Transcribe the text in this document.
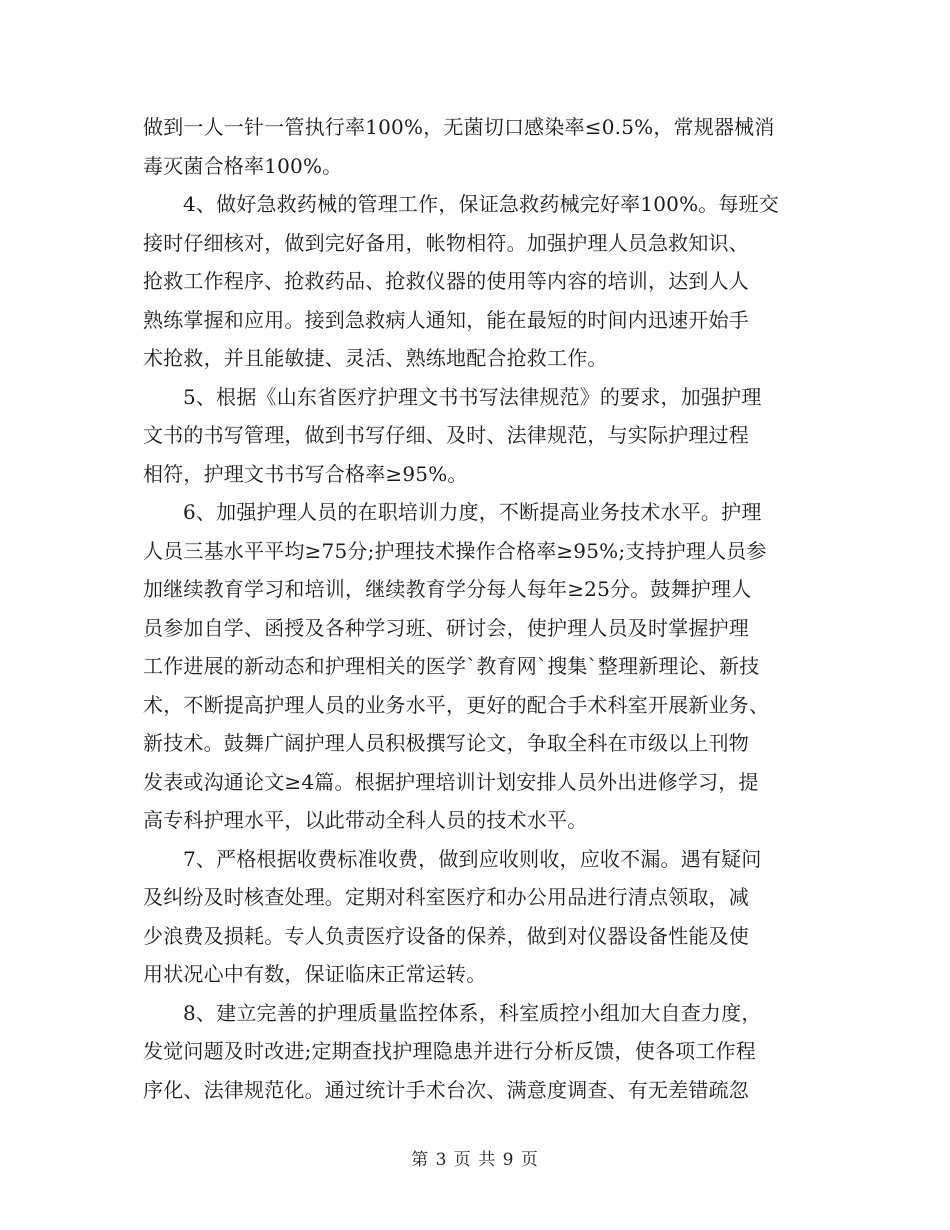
做到一人一针一管执行率100%，无菌切口感染率≤0.5%，常规器械消
毒灭菌合格率100%。
4、做好急救药械的管理工作，保证急救药械完好率100%。每班交
接时仔细核对，做到完好备用，帐物相符。加强护理人员急救知识、
抢救工作程序、抢救药品、抢救仪器的使用等内容的培训，达到人人
熟练掌握和应用。接到急救病人通知，能在最短的时间内迅速开始手
术抢救，并且能敏捷、灵活、熟练地配合抢救工作。
5、根据《山东省医疗护理文书书写法律规范》的要求，加强护理
文书的书写管理，做到书写仔细、及时、法律规范，与实际护理过程
相符，护理文书书写合格率≥95%。
6、加强护理人员的在职培训力度，不断提高业务技术水平。护理
人员三基水平平均≥75分;护理技术操作合格率≥95%;支持护理人员参
加继续教育学习和培训，继续教育学分每人每年≥25分。鼓舞护理人
员参加自学、函授及各种学习班、研讨会，使护理人员及时掌握护理
工作进展的新动态和护理相关的医学`教育网`搜集`整理新理论、新技
术，不断提高护理人员的业务水平，更好的配合手术科室开展新业务、
新技术。鼓舞广阔护理人员积极撰写论文，争取全科在市级以上刊物
发表或沟通论文≥4篇。根据护理培训计划安排人员外出进修学习，提
高专科护理水平，以此带动全科人员的技术水平。
7、严格根据收费标准收费，做到应收则收，应收不漏。遇有疑问
及纠纷及时核查处理。定期对科室医疗和办公用品进行清点领取，减
少浪费及损耗。专人负责医疗设备的保养，做到对仪器设备性能及使
用状况心中有数，保证临床正常运转。
8、建立完善的护理质量监控体系，科室质控小组加大自查力度，
发觉问题及时改进;定期查找护理隐患并进行分析反馈，使各项工作程
序化、法律规范化。通过统计手术台次、满意度调查、有无差错疏忽
第 3 页 共 9 页
